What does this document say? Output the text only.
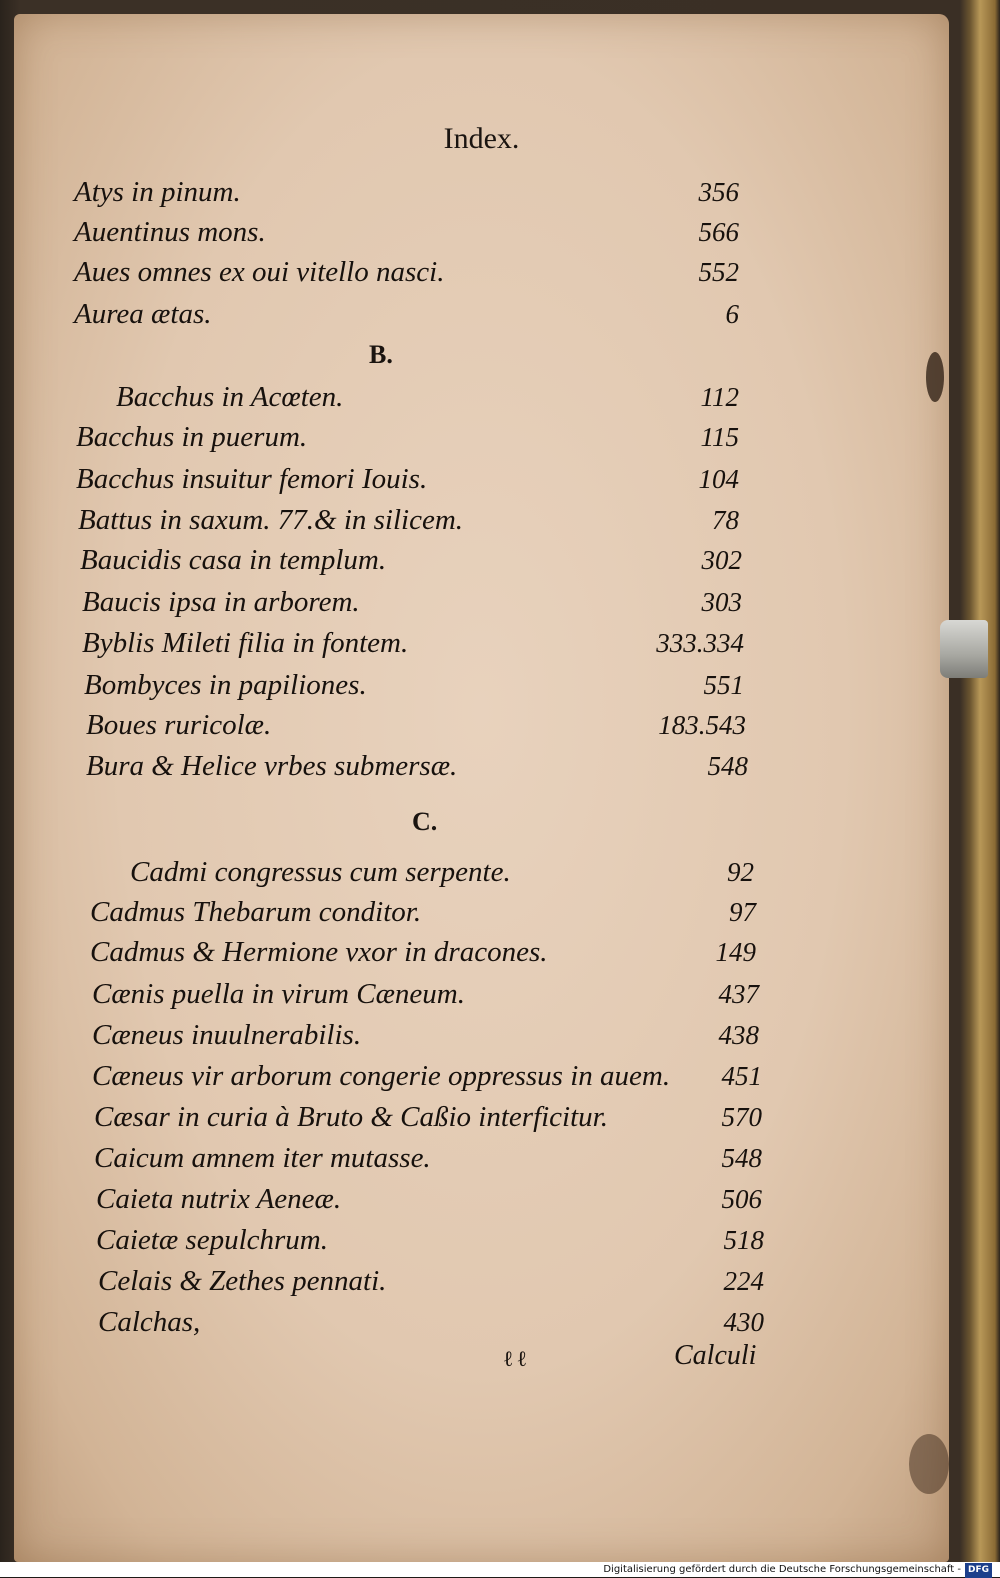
Index.
Atys in pinum.	356
Auentinus mons.	566
Aues omnes ex oui vitello nasci.	552
Aurea ætas.	6
Bacchus in Acœten.	112
Bacchus in puerum.	115
Bacchus insuitur femori Iouis.	104
Battus in saxum. 77.& in silicem.	78
Baucidis casa in templum.	302
Baucis ipsa in arborem.	303
Byblis Mileti filia in fontem.	333.334
Bombyces in papiliones.	551
Boues ruricolæ.	183.543
Bura & Helice vrbes submersæ.	548
Cadmi congressus cum serpente.	92
Cadmus Thebarum conditor.	97
Cadmus & Hermione vxor in dracones.	149
Cænis puella in virum Cæneum.	437
Cæneus inuulnerabilis.	438
Cæneus vir arborum congerie oppressus in auem. 451
Cæsar in curia à Bruto & Caßio interficitur.	570
Caicum amnem iter mutasse.	548
Caieta nutrix Aeneæ.	506
Caietæ sepulchrum.	518
Celais & Zethes pennati.	224
Calchas,	430
B.
C.
ℓ ℓ	Calculi
Digitalisierung gefördert durch die Deutsche Forschungsgemeinschaft - DFG
